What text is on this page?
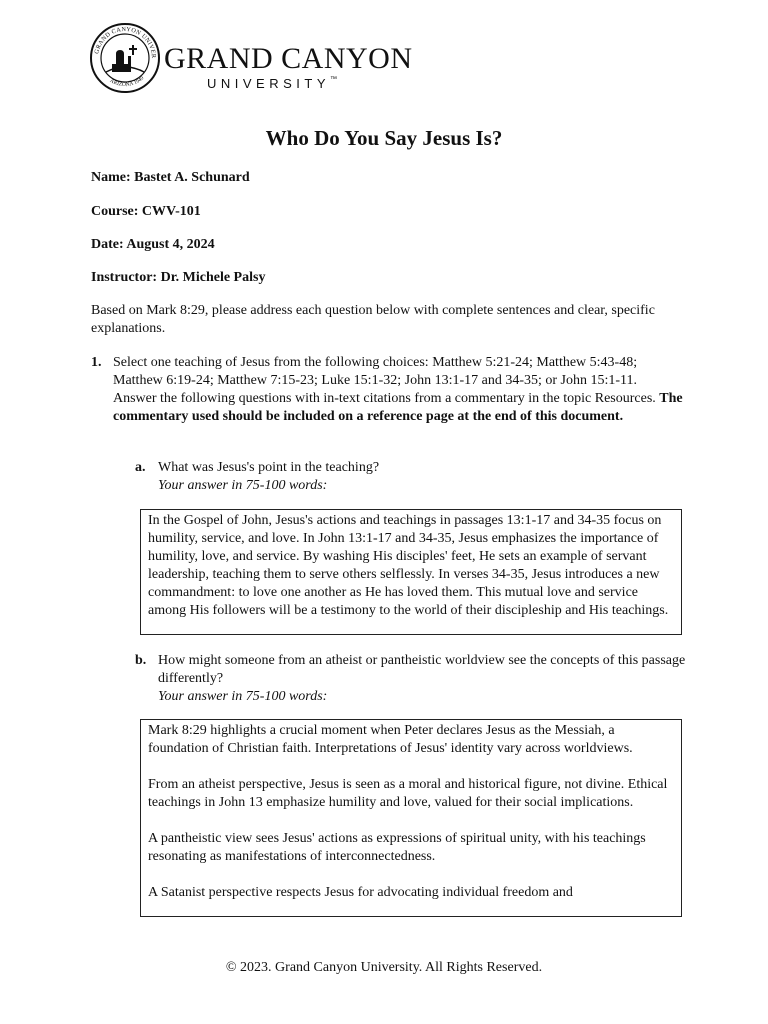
GRAND CANYON UNIVER
ARIZONA 1949
GRAND CANYON
UNIVERSITY™
Who Do You Say Jesus Is?
Name: Bastet A. Schunard
Course: CWV-101
Date: August 4, 2024
Instructor: Dr. Michele Palsy
Based on Mark 8:29, please address each question below with complete sentences and clear, specific explanations.
1. Select one teaching of Jesus from the following choices: Matthew 5:21-24; Matthew 5:43-48; Matthew 6:19-24; Matthew 7:15-23; Luke 15:1-32; John 13:1-17 and 34-35; or John 15:1-11. Answer the following questions with in-text citations from a commentary in the topic Resources. The commentary used should be included on a reference page at the end of this document.
a. What was Jesus's point in the teaching?
Your answer in 75-100 words:

In the Gospel of John, Jesus's actions and teachings in passages 13:1-17 and 34-35 focus on humility, service, and love. In John 13:1-17 and 34-35, Jesus emphasizes the importance of humility, love, and service. By washing His disciples' feet, He sets an example of servant leadership, teaching them to serve others selflessly. In verses 34-35, Jesus introduces a new commandment: to love one another as He has loved them. This mutual love and service among His followers will be a testimony to the world of their discipleship and His teachings.

b. How might someone from an atheist or pantheistic worldview see the concepts of this passage differently?
Your answer in 75-100 words:

Mark 8:29 highlights a crucial moment when Peter declares Jesus as the Messiah, a foundation of Christian faith. Interpretations of Jesus' identity vary across worldviews.

From an atheist perspective, Jesus is seen as a moral and historical figure, not divine. Ethical teachings in John 13 emphasize humility and love, valued for their social implications.

A pantheistic view sees Jesus' actions as expressions of spiritual unity, with his teachings resonating as manifestations of interconnectedness.

A Satanist perspective respects Jesus for advocating individual freedom and

© 2023. Grand Canyon University. All Rights Reserved.
